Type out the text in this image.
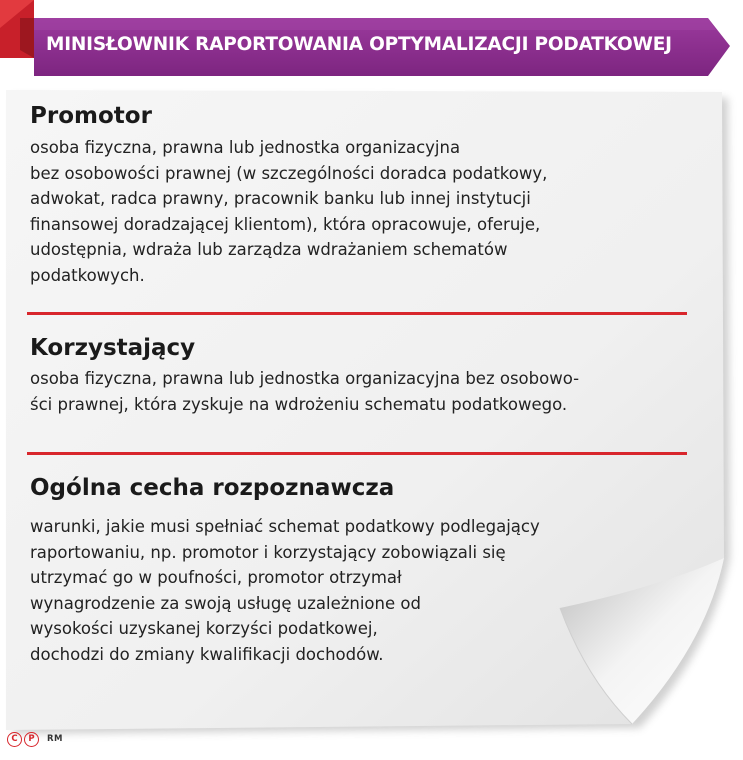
MINISŁOWNIK RAPORTOWANIA OPTYMALIZACJI PODATKOWEJ
Promotor
osoba fizyczna, prawna lub jednostka organizacyjna
bez osobowości prawnej (w szczególności doradca podatkowy,
adwokat, radca prawny, pracownik banku lub innej instytucji
finansowej doradzającej klientom), która opracowuje, oferuje,
udostępnia, wdraża lub zarządza wdrażaniem schematów
podatkowych.
Korzystający
osoba fizyczna, prawna lub jednostka organizacyjna bez osobowo-
ści prawnej, która zyskuje na wdrożeniu schematu podatkowego.
Ogólna cecha rozpoznawcza
warunki, jakie musi spełniać schemat podatkowy podlegający
raportowaniu, np. promotor i korzystający zobowiązali się
utrzymać go w poufności, promotor otrzymał
wynagrodzenie za swoją usługę uzależnione od
wysokości uzyskanej korzyści podatkowej,
dochodzi do zmiany kwalifikacji dochodów.
C	P	RM
